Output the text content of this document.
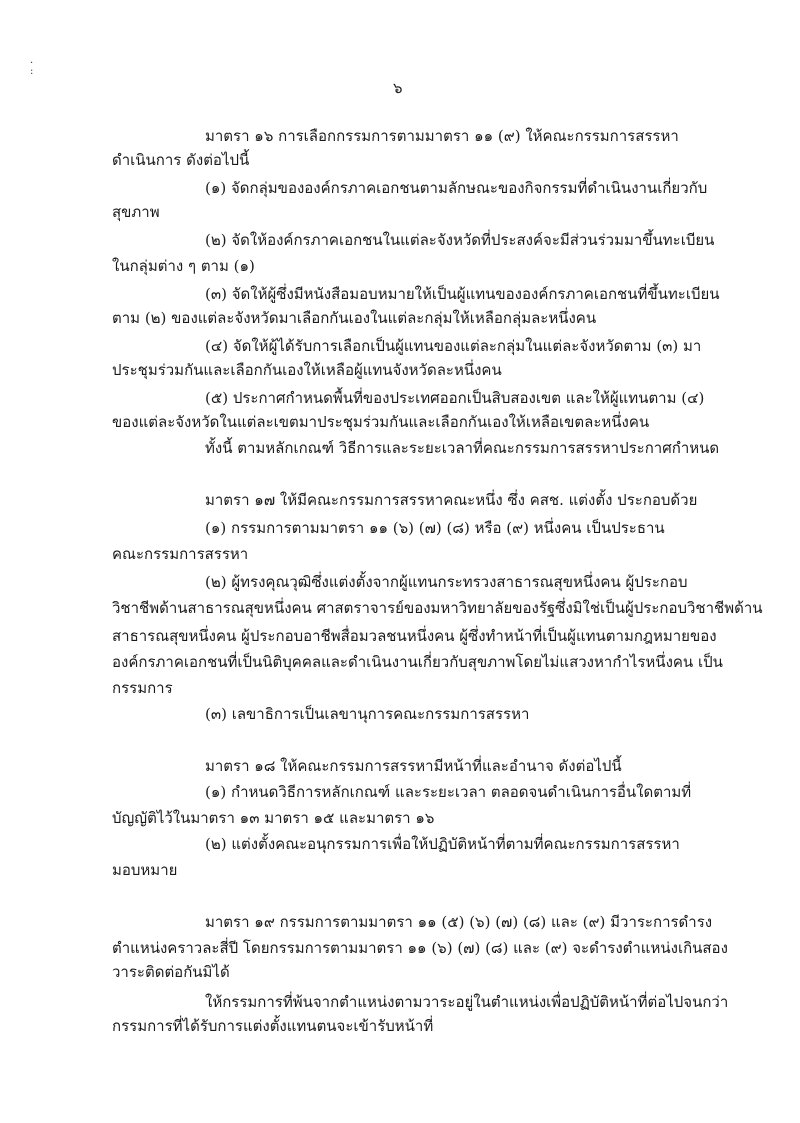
·
:
๖
มาตรา ๑๖ การเลือกกรรมการตามมาตรา ๑๑ (๙) ให้คณะกรรมการสรรหา
ดำเนินการ ดังต่อไปนี้
(๑) จัดกลุ่มขององค์กรภาคเอกชนตามลักษณะของกิจกรรมที่ดำเนินงานเกี่ยวกับ
สุขภาพ
(๒) จัดให้องค์กรภาคเอกชนในแต่ละจังหวัดที่ประสงค์จะมีส่วนร่วมมาขึ้นทะเบียน
ในกลุ่มต่าง ๆ ตาม (๑)
(๓) จัดให้ผู้ซึ่งมีหนังสือมอบหมายให้เป็นผู้แทนขององค์กรภาคเอกชนที่ขึ้นทะเบียน
ตาม (๒) ของแต่ละจังหวัดมาเลือกกันเองในแต่ละกลุ่มให้เหลือกลุ่มละหนึ่งคน
(๔) จัดให้ผู้ได้รับการเลือกเป็นผู้แทนของแต่ละกลุ่มในแต่ละจังหวัดตาม (๓) มา
ประชุมร่วมกันและเลือกกันเองให้เหลือผู้แทนจังหวัดละหนึ่งคน
(๕) ประกาศกำหนดพื้นที่ของประเทศออกเป็นสิบสองเขต และให้ผู้แทนตาม (๔)
ของแต่ละจังหวัดในแต่ละเขตมาประชุมร่วมกันและเลือกกันเองให้เหลือเขตละหนึ่งคน
ทั้งนี้ ตามหลักเกณฑ์ วิธีการและระยะเวลาที่คณะกรรมการสรรหาประกาศกำหนด
มาตรา ๑๗ ให้มีคณะกรรมการสรรหาคณะหนึ่ง ซึ่ง คสช. แต่งตั้ง ประกอบด้วย
(๑) กรรมการตามมาตรา ๑๑ (๖) (๗) (๘) หรือ (๙) หนึ่งคน เป็นประธาน
คณะกรรมการสรรหา
(๒) ผู้ทรงคุณวุฒิซึ่งแต่งตั้งจากผู้แทนกระทรวงสาธารณสุขหนึ่งคน ผู้ประกอบ
วิชาชีพด้านสาธารณสุขหนึ่งคน ศาสตราจารย์ของมหาวิทยาลัยของรัฐซึ่งมิใช่เป็นผู้ประกอบวิชาชีพด้าน
สาธารณสุขหนึ่งคน ผู้ประกอบอาชีพสื่อมวลชนหนึ่งคน ผู้ซึ่งทำหน้าที่เป็นผู้แทนตามกฎหมายของ
องค์กรภาคเอกชนที่เป็นนิติบุคคลและดำเนินงานเกี่ยวกับสุขภาพโดยไม่แสวงหากำไรหนึ่งคน เป็น
กรรมการ
(๓) เลขาธิการเป็นเลขานุการคณะกรรมการสรรหา
มาตรา ๑๘ ให้คณะกรรมการสรรหามีหน้าที่และอำนาจ ดังต่อไปนี้
(๑) กำหนดวิธีการหลักเกณฑ์ และระยะเวลา ตลอดจนดำเนินการอื่นใดตามที่
บัญญัติไว้ในมาตรา ๑๓ มาตรา ๑๕ และมาตรา ๑๖
(๒) แต่งตั้งคณะอนุกรรมการเพื่อให้ปฏิบัติหน้าที่ตามที่คณะกรรมการสรรหา
มอบหมาย
มาตรา ๑๙ กรรมการตามมาตรา ๑๑ (๕) (๖) (๗) (๘) และ (๙) มีวาระการดำรง
ตำแหน่งคราวละสี่ปี โดยกรรมการตามมาตรา ๑๑ (๖) (๗) (๘) และ (๙) จะดำรงตำแหน่งเกินสอง
วาระติดต่อกันมิได้
ให้กรรมการที่พ้นจากตำแหน่งตามวาระอยู่ในตำแหน่งเพื่อปฏิบัติหน้าที่ต่อไปจนกว่า
กรรมการที่ได้รับการแต่งตั้งแทนตนจะเข้ารับหน้าที่
